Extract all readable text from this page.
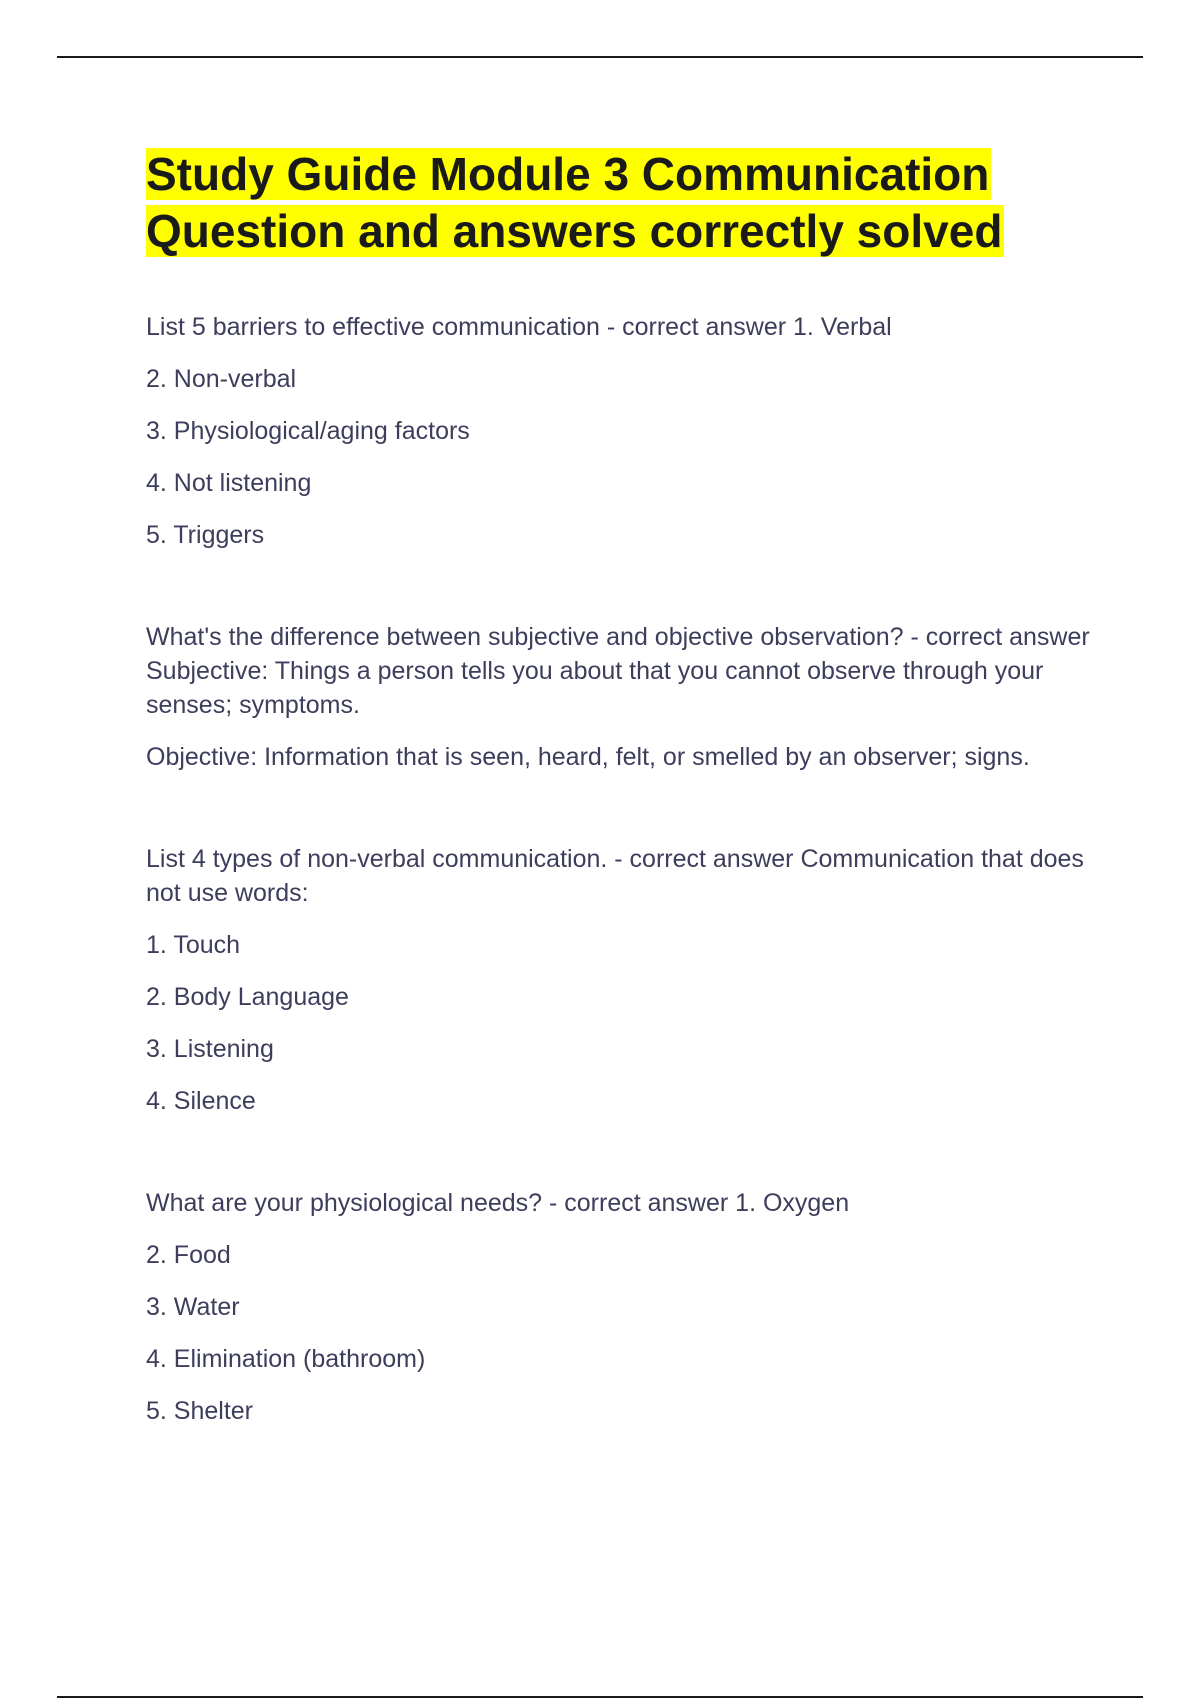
Study Guide Module 3 Communication
Question and answers correctly solved

List 5 barriers to effective communication - correct answer 1. Verbal

2. Non-verbal

3. Physiological/aging factors

4. Not listening

5. Triggers

What's the difference between subjective and objective observation? - correct answer Subjective: Things a person tells you about that you cannot observe through your senses; symptoms.

Objective: Information that is seen, heard, felt, or smelled by an observer; signs.

List 4 types of non-verbal communication. - correct answer Communication that does not use words:

1. Touch

2. Body Language

3. Listening

4. Silence

What are your physiological needs? - correct answer 1. Oxygen

2. Food

3. Water

4. Elimination (bathroom)

5. Shelter
